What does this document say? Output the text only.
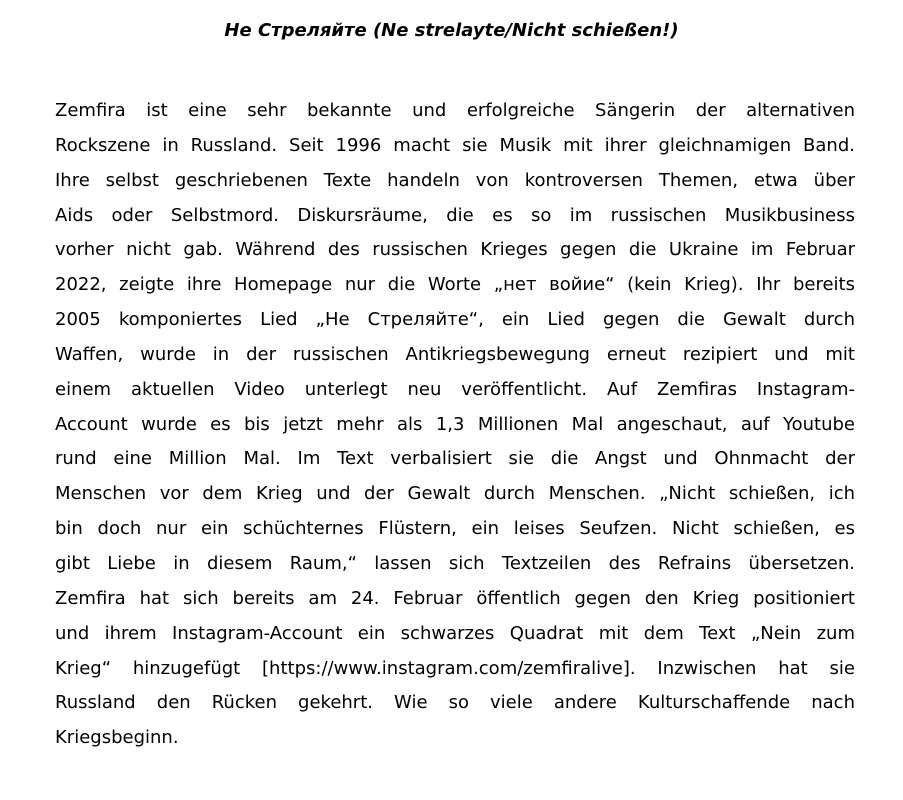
Не Стреляйте (Ne strelayte/Nicht schießen!)
Zemfira ist eine sehr bekannte und erfolgreiche Sängerin der alternativen
Rockszene in Russland. Seit 1996 macht sie Musik mit ihrer gleichnamigen Band.
Ihre selbst geschriebenen Texte handeln von kontroversen Themen, etwa über
Aids oder Selbstmord. Diskursräume, die es so im russischen Musikbusiness
vorher nicht gab. Während des russischen Krieges gegen die Ukraine im Februar
2022, zeigte ihre Homepage nur die Worte „нет войие“ (kein Krieg). Ihr bereits
2005 komponiertes Lied „Не Стреляйте“, ein Lied gegen die Gewalt durch
Waffen, wurde in der russischen Antikriegsbewegung erneut rezipiert und mit
einem aktuellen Video unterlegt neu veröffentlicht. Auf Zemfiras Instagram-
Account wurde es bis jetzt mehr als 1,3 Millionen Mal angeschaut, auf Youtube
rund eine Million Mal. Im Text verbalisiert sie die Angst und Ohnmacht der
Menschen vor dem Krieg und der Gewalt durch Menschen. „Nicht schießen, ich
bin doch nur ein schüchternes Flüstern, ein leises Seufzen. Nicht schießen, es
gibt Liebe in diesem Raum,“ lassen sich Textzeilen des Refrains übersetzen.
Zemfira hat sich bereits am 24. Februar öffentlich gegen den Krieg positioniert
und ihrem Instagram-Account ein schwarzes Quadrat mit dem Text „Nein zum
Krieg“ hinzugefügt [https://www.instagram.com/zemfiralive]. Inzwischen hat sie
Russland den Rücken gekehrt. Wie so viele andere Kulturschaffende nach
Kriegsbeginn.
